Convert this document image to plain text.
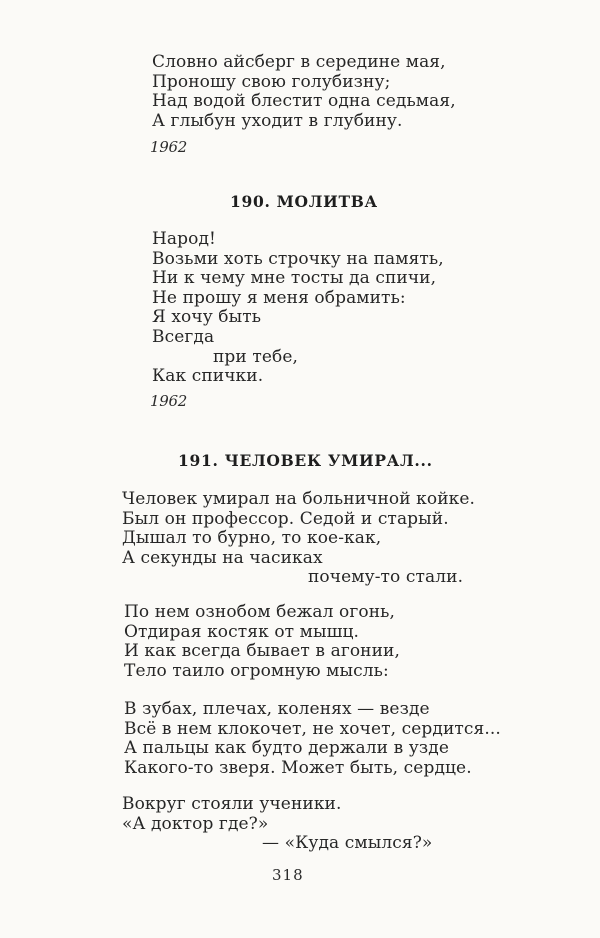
Словно айсберг в середине мая,
Проношу свою голубизну;
Над водой блестит одна седьмая,
А глыбун уходит в глубину.
1962
190. МОЛИТВА
Народ!
Возьми хоть строчку на память,
Ни к чему мне тосты да спичи,
Не прошу я меня обрамить:
Я хочу быть
Всегда
при тебе,
Как спички.
1962
191. ЧЕЛОВЕК УМИРАЛ...
Человек умирал на больничной койке.
Был он профессор. Седой и старый.
Дышал то бурно, то кое-как,
А секунды на часиках
почему-то стали.
По нем ознобом бежал огонь,
Отдирая костяк от мышц.
И как всегда бывает в агонии,
Тело таило огромную мысль:
В зубах, плечах, коленях — везде
Всё в нем клокочет, не хочет, сердится...
А пальцы как будто держали в узде
Какого-то зверя. Может быть, сердце.
Вокруг стояли ученики.
«А доктор где?»
— «Куда смылся?»
318
